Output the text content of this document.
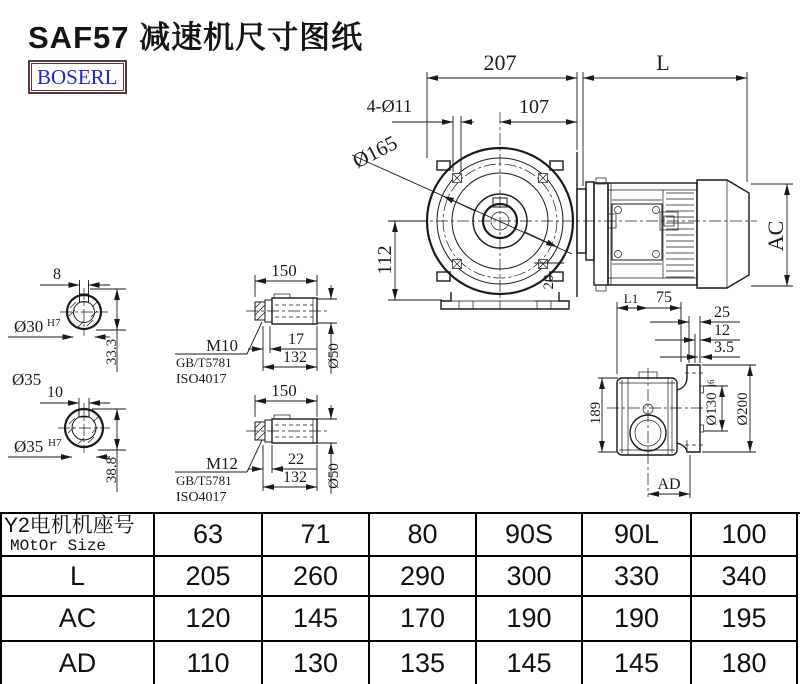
SAF57 减速机尺寸图纸
BOSERL
207	L
4-Ø11	107
Ø165
112
AC
20
8
Ø30 H7
33.3
Ø35
10
Ø35 H7
38.8
150
M10
GB/T5781
ISO4017
17
132 Ø50
150
M12
GB/T5781
ISO4017
22
132 Ø50
L1 75
25
12
3.5
189	Ø130
j6
Ø200
AD
Y2电机机座号
MOtOr Size	63	71	80	90S	90L	100
L	205	260	290	300	330	340
AC	120	145	170	190	190	195
AD	110	130	135	145	145	180
